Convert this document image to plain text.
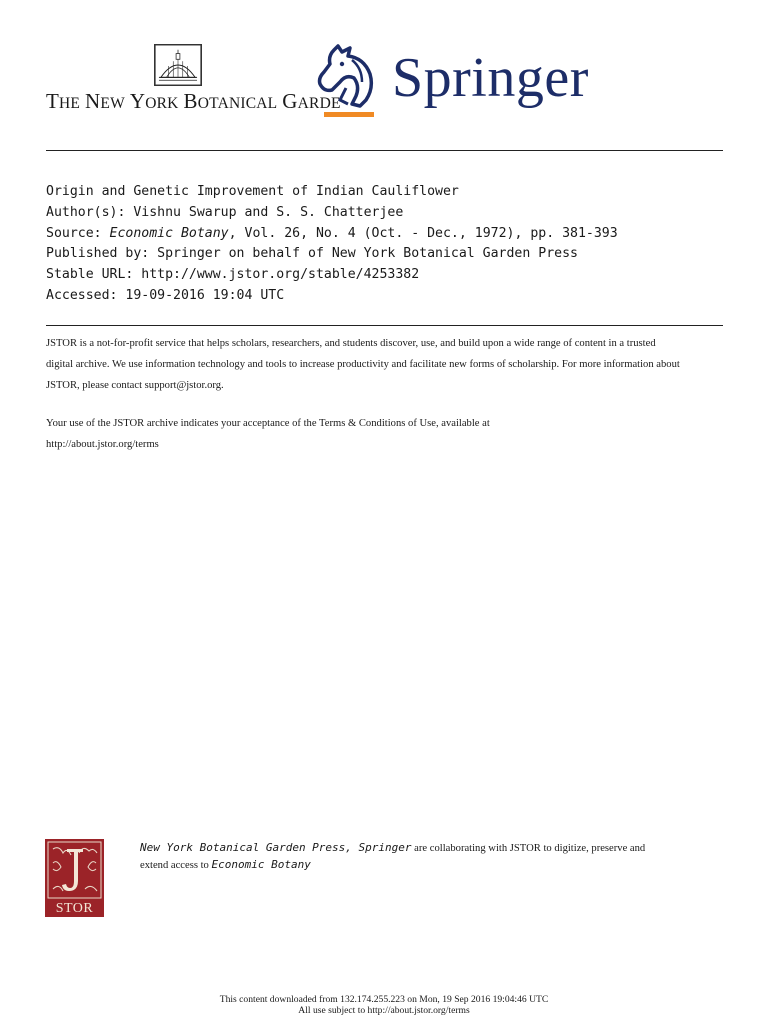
THE NEW YORK BOTANICAL GARDE Springer
Origin and Genetic Improvement of Indian Cauliflower
Author(s): Vishnu Swarup and S. S. Chatterjee
Source: Economic Botany, Vol. 26, No. 4 (Oct. - Dec., 1972), pp. 381-393
Published by: Springer on behalf of New York Botanical Garden Press
Stable URL: http://www.jstor.org/stable/4253382
Accessed: 19-09-2016 19:04 UTC

JSTOR is a not-for-profit service that helps scholars, researchers, and students discover, use, and build upon a wide range of content in a trusted

digital archive. We use information technology and tools to increase productivity and facilitate new forms of scholarship. For more information about

JSTOR, please contact support@jstor.org.

Your use of the JSTOR archive indicates your acceptance of the Terms & Conditions of Use, available at

http://about.jstor.org/terms

STOR
New York Botanical Garden Press, Springer are collaborating with JSTOR to digitize, preserve and
extend access to Economic Botany
This content downloaded from 132.174.255.223 on Mon, 19 Sep 2016 19:04:46 UTC
All use subject to http://about.jstor.org/terms
